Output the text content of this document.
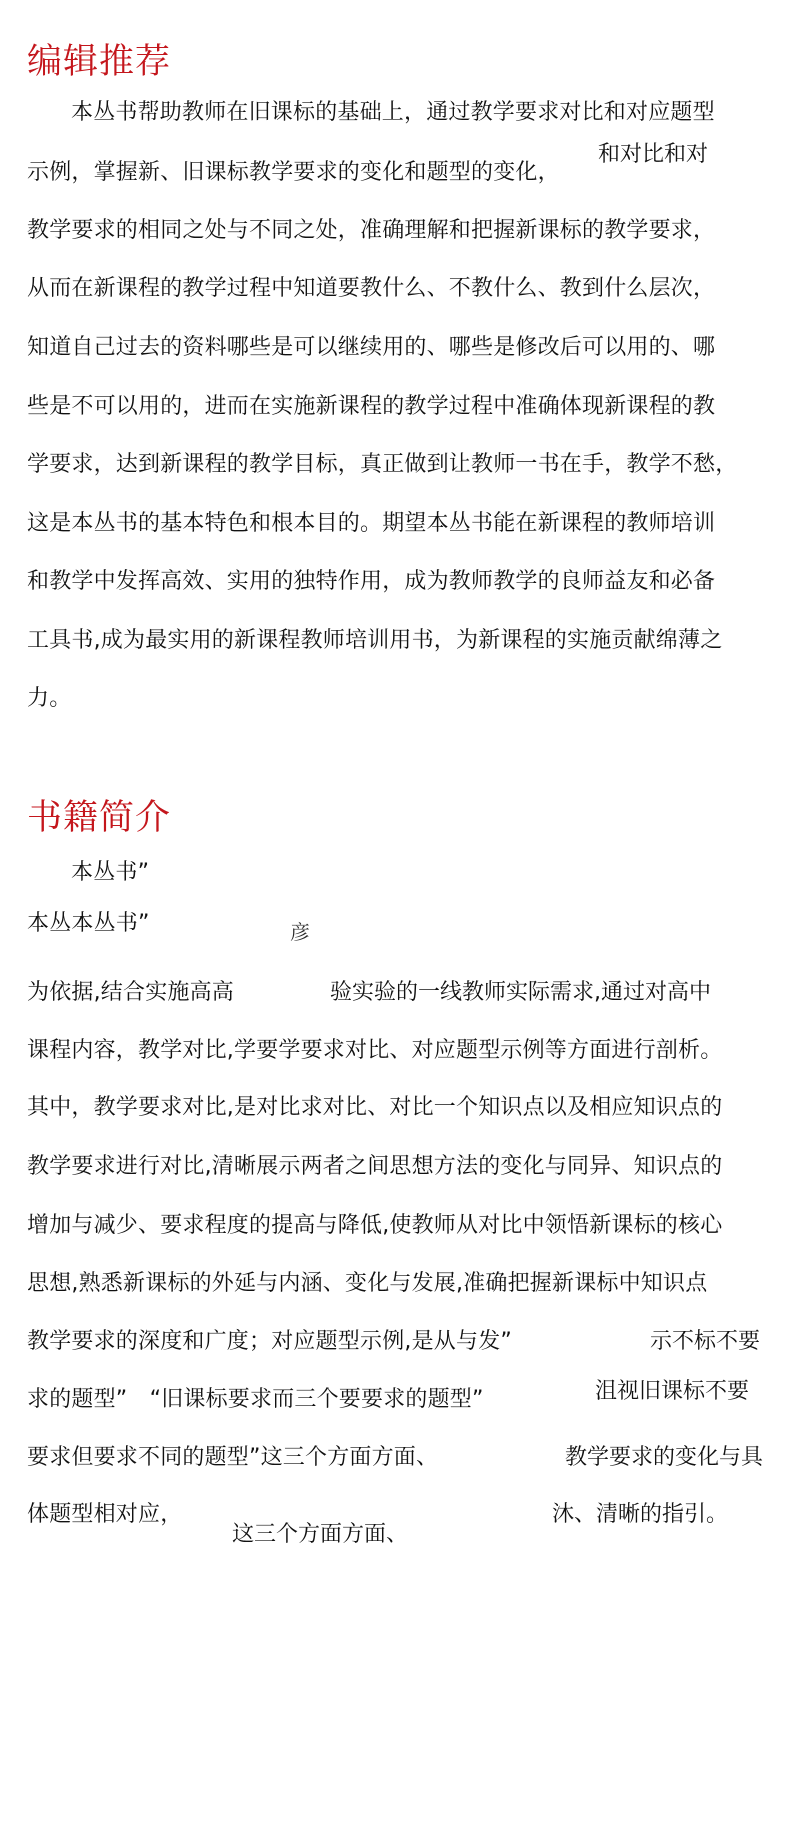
编辑推荐
本丛书帮助教师在旧课标的基础上，通过教学要求对比和对应题型
示例，掌握新、旧课标教学要求的变化和题型的变化，
和对比和对
教学要求的相同之处与不同之处，准确理解和把握新课标的教学要求，
从而在新课程的教学过程中知道要教什么、不教什么、教到什么层次，
知道自己过去的资料哪些是可以继续用的、哪些是修改后可以用的、哪
些是不可以用的，进而在实施新课程的教学过程中准确体现新课程的教
学要求，达到新课程的教学目标，真正做到让教师一书在手，教学不愁，
这是本丛书的基本特色和根本目的。期望本丛书能在新课程的教师培训
和教学中发挥高效、实用的独特作用，成为教师教学的良师益友和必备
工具书,成为最实用的新课程教师培训用书，为新课程的实施贡献绵薄之
力。
书籍简介
本丛书”
本丛本丛书”	彦
为依据,结合实施高高	验实验的一线教师实际需求,通过对高中
课程内容，教学对比,学要学要求对比、对应题型示例等方面进行剖析。
其中，教学要求对比,是对比求对比、对比一个知识点以及相应知识点的
教学要求进行对比,清晰展示两者之间思想方法的变化与同异、知识点的
增加与减少、要求程度的提高与降低,使教师从对比中领悟新课标的核心
思想,熟悉新课标的外延与内涵、变化与发展,准确把握新课标中知识点
教学要求的深度和广度；对应题型示例,是从与发”	示不标不要
求的题型”　“旧课标要求而三个要要求的题型”	沮视旧课标不要
要求但要求不同的题型”这三个方面方面、	教学要求的变化与具
体题型相对应，
这三个方面方面、
沐、清晰的指引。
